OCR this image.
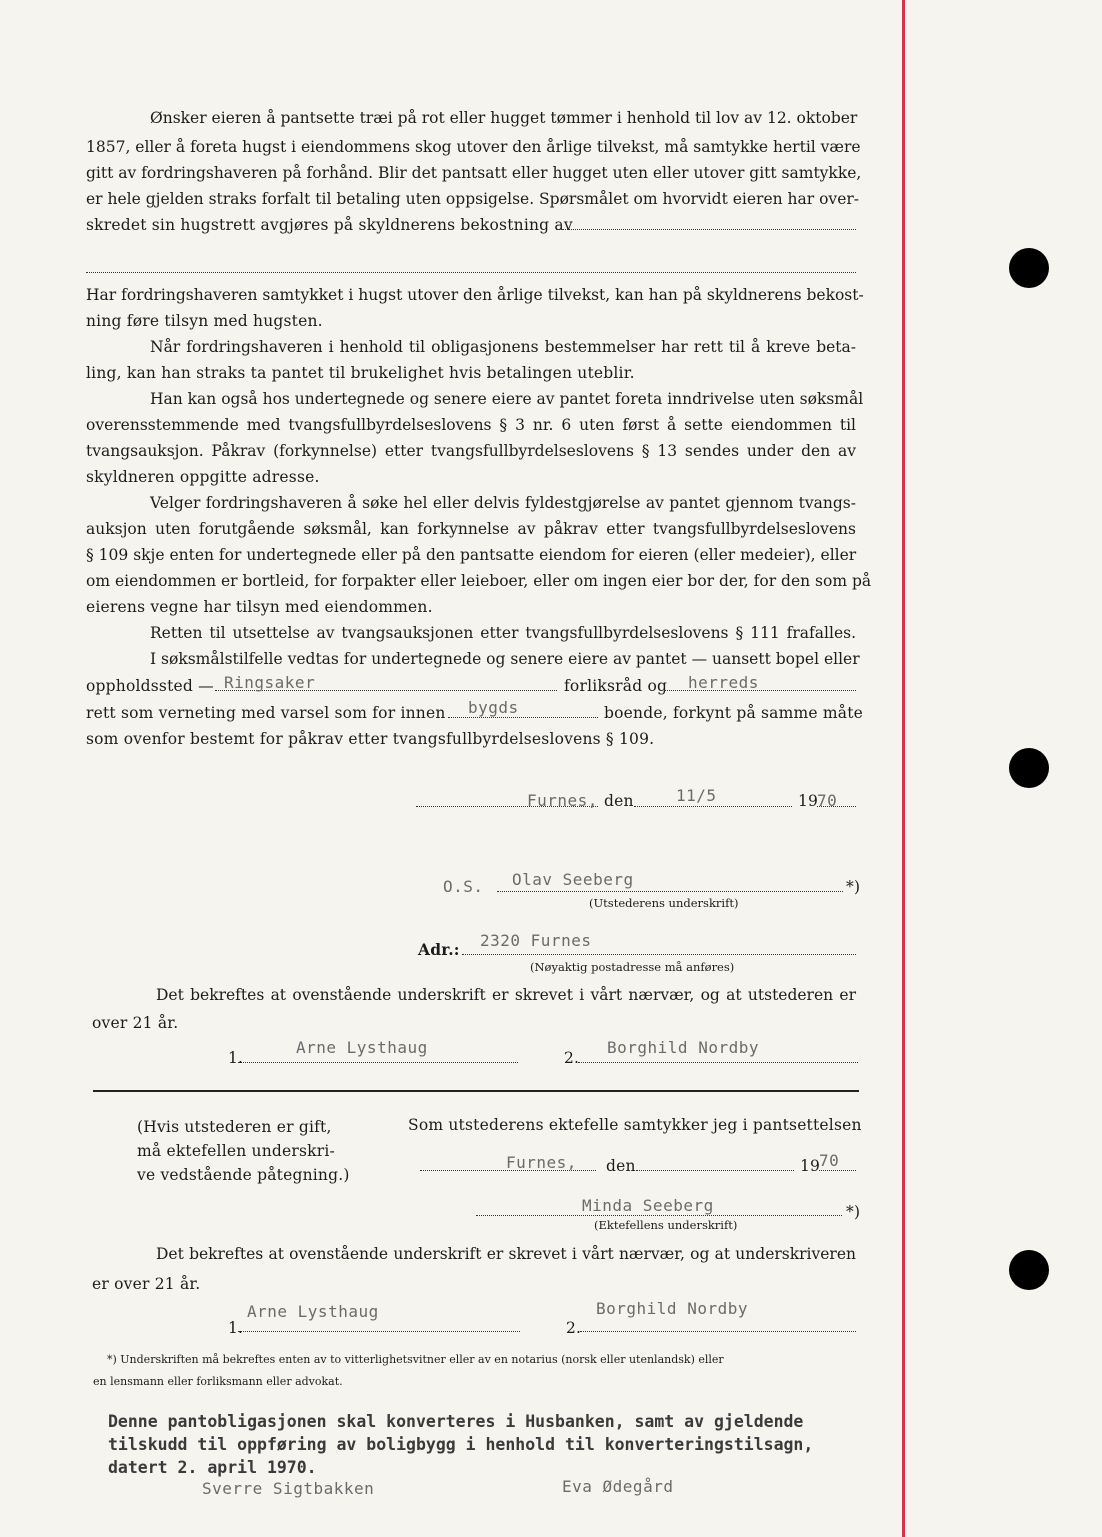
Ønsker eieren å pantsette træi på rot eller hugget tømmer i henhold til lov av 12. oktober
1857, eller å foreta hugst i eiendommens skog utover den årlige tilvekst, må samtykke hertil være
gitt av fordringshaveren på forhånd. Blir det pantsatt eller hugget uten eller utover gitt samtykke,
er hele gjelden straks forfalt til betaling uten oppsigelse. Spørsmålet om hvorvidt eieren har over-
skredet sin hugstrett avgjøres på skyldnerens bekostning av
Har fordringshaveren samtykket i hugst utover den årlige tilvekst, kan han på skyldnerens bekost-
ning føre tilsyn med hugsten.
Når fordringshaveren i henhold til obligasjonens bestemmelser har rett til å kreve beta-
ling, kan han straks ta pantet til brukelighet hvis betalingen uteblir.
Han kan også hos undertegnede og senere eiere av pantet foreta inndrivelse uten søksmål
overensstemmende med tvangsfullbyrdelseslovens § 3 nr. 6 uten først å sette eiendommen til
tvangsauksjon. Påkrav (forkynnelse) etter tvangsfullbyrdelseslovens § 13 sendes under den av
skyldneren oppgitte adresse.
Velger fordringshaveren å søke hel eller delvis fyldestgjørelse av pantet gjennom tvangs-
auksjon uten forutgående søksmål, kan forkynnelse av påkrav etter tvangsfullbyrdelseslovens
§ 109 skje enten for undertegnede eller på den pantsatte eiendom for eieren (eller medeier), eller
om eiendommen er bortleid, for forpakter eller leieboer, eller om ingen eier bor der, for den som på
eierens vegne har tilsyn med eiendommen.
Retten til utsettelse av tvangsauksjonen etter tvangsfullbyrdelseslovens § 111 frafalles.
I søksmålstilfelle vedtas for undertegnede og senere eiere av pantet — uansett bopel eller
oppholdssted — Ringsaker	forliksråd og herreds
rett som verneting med varsel som for innen bygds	boende, forkynt på samme måte
som ovenfor bestemt for påkrav etter tvangsfullbyrdelseslovens § 109.
Furnes, den	11/5	19
70
O.S. Olav Seeberg	*)
(Utstederens underskrift)
Adr.: 2320 Furnes
(Nøyaktig postadresse må anføres)
Det bekreftes at ovenstående underskrift er skrevet i vårt nærvær, og at utstederen er
over 21 år.
1.
Arne Lysthaug
2.
Borghild Nordby
(Hvis utstederen er gift,
må ektefellen underskri-
ve vedstående påtegning.)
Som utstederens ektefelle samtykker jeg i pantsettelsen
Furnes, den	19
70
Minda Seeberg	*)
(Ektefellens underskrift)
Det bekreftes at ovenstående underskrift er skrevet i vårt nærvær, og at underskriveren
er over 21 år.
1.
Arne Lysthaug
2.
Borghild Nordby
*) Underskriften må bekreftes enten av to vitterlighetsvitner eller av en notarius (norsk eller utenlandsk) eller
en lensmann eller forliksmann eller advokat.
Denne pantobligasjonen skal konverteres i Husbanken, samt av gjeldende
tilskudd til oppføring av boligbygg i henhold til konverteringstilsagn,
datert 2. april 1970.
Sverre Sigtbakken	Eva Ødegård
